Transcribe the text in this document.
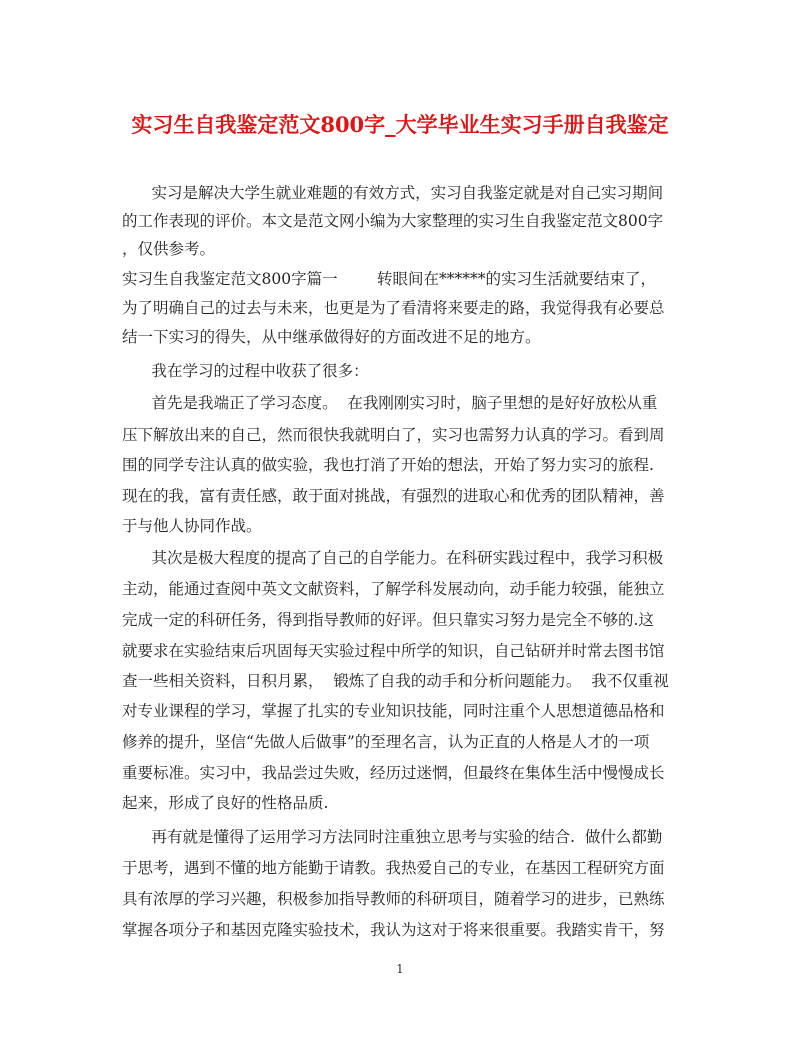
实习生自我鉴定范文800字_大学毕业生实习手册自我鉴定
实习是解决大学生就业难题的有效方式，实习自我鉴定就是对自己实习期间
的工作表现的评价。本文是范文网小编为大家整理的实习生自我鉴定范文800字
，仅供参考。
实习生自我鉴定范文800字篇一        转眼间在******的实习生活就要结束了，
为了明确自己的过去与未来，也更是为了看清将来要走的路，我觉得我有必要总
结一下实习的得失，从中继承做得好的方面改进不足的地方。
我在学习的过程中收获了很多：
首先是我端正了学习态度。  在我刚刚实习时，脑子里想的是好好放松从重
压下解放出来的自己，然而很快我就明白了，实习也需努力认真的学习。看到周
围的同学专注认真的做实验，我也打消了开始的想法，开始了努力实习的旅程.
现在的我，富有责任感，敢于面对挑战，有强烈的进取心和优秀的团队精神，善
于与他人协同作战。
其次是极大程度的提高了自己的自学能力。在科研实践过程中，我学习积极
主动，能通过查阅中英文文献资料，了解学科发展动向，动手能力较强，能独立
完成一定的科研任务，得到指导教师的好评。但只靠实习努力是完全不够的.这
就要求在实验结束后巩固每天实验过程中所学的知识，自己钻研并时常去图书馆
查一些相关资料，日积月累，  锻炼了自我的动手和分析问题能力。  我不仅重视
对专业课程的学习，掌握了扎实的专业知识技能，同时注重个人思想道德品格和
修养的提升，坚信“先做人后做事”的至理名言，认为正直的人格是人才的一项
重要标准。实习中，我品尝过失败，经历过迷惘，但最终在集体生活中慢慢成长
起来，形成了良好的性格品质.
再有就是懂得了运用学习方法同时注重独立思考与实验的结合.  做什么都勤
于思考，遇到不懂的地方能勤于请教。我热爱自己的专业，在基因工程研究方面
具有浓厚的学习兴趣，积极参加指导教师的科研项目，随着学习的进步，已熟练
掌握各项分子和基因克隆实验技术，我认为这对于将来很重要。我踏实肯干，努
1
